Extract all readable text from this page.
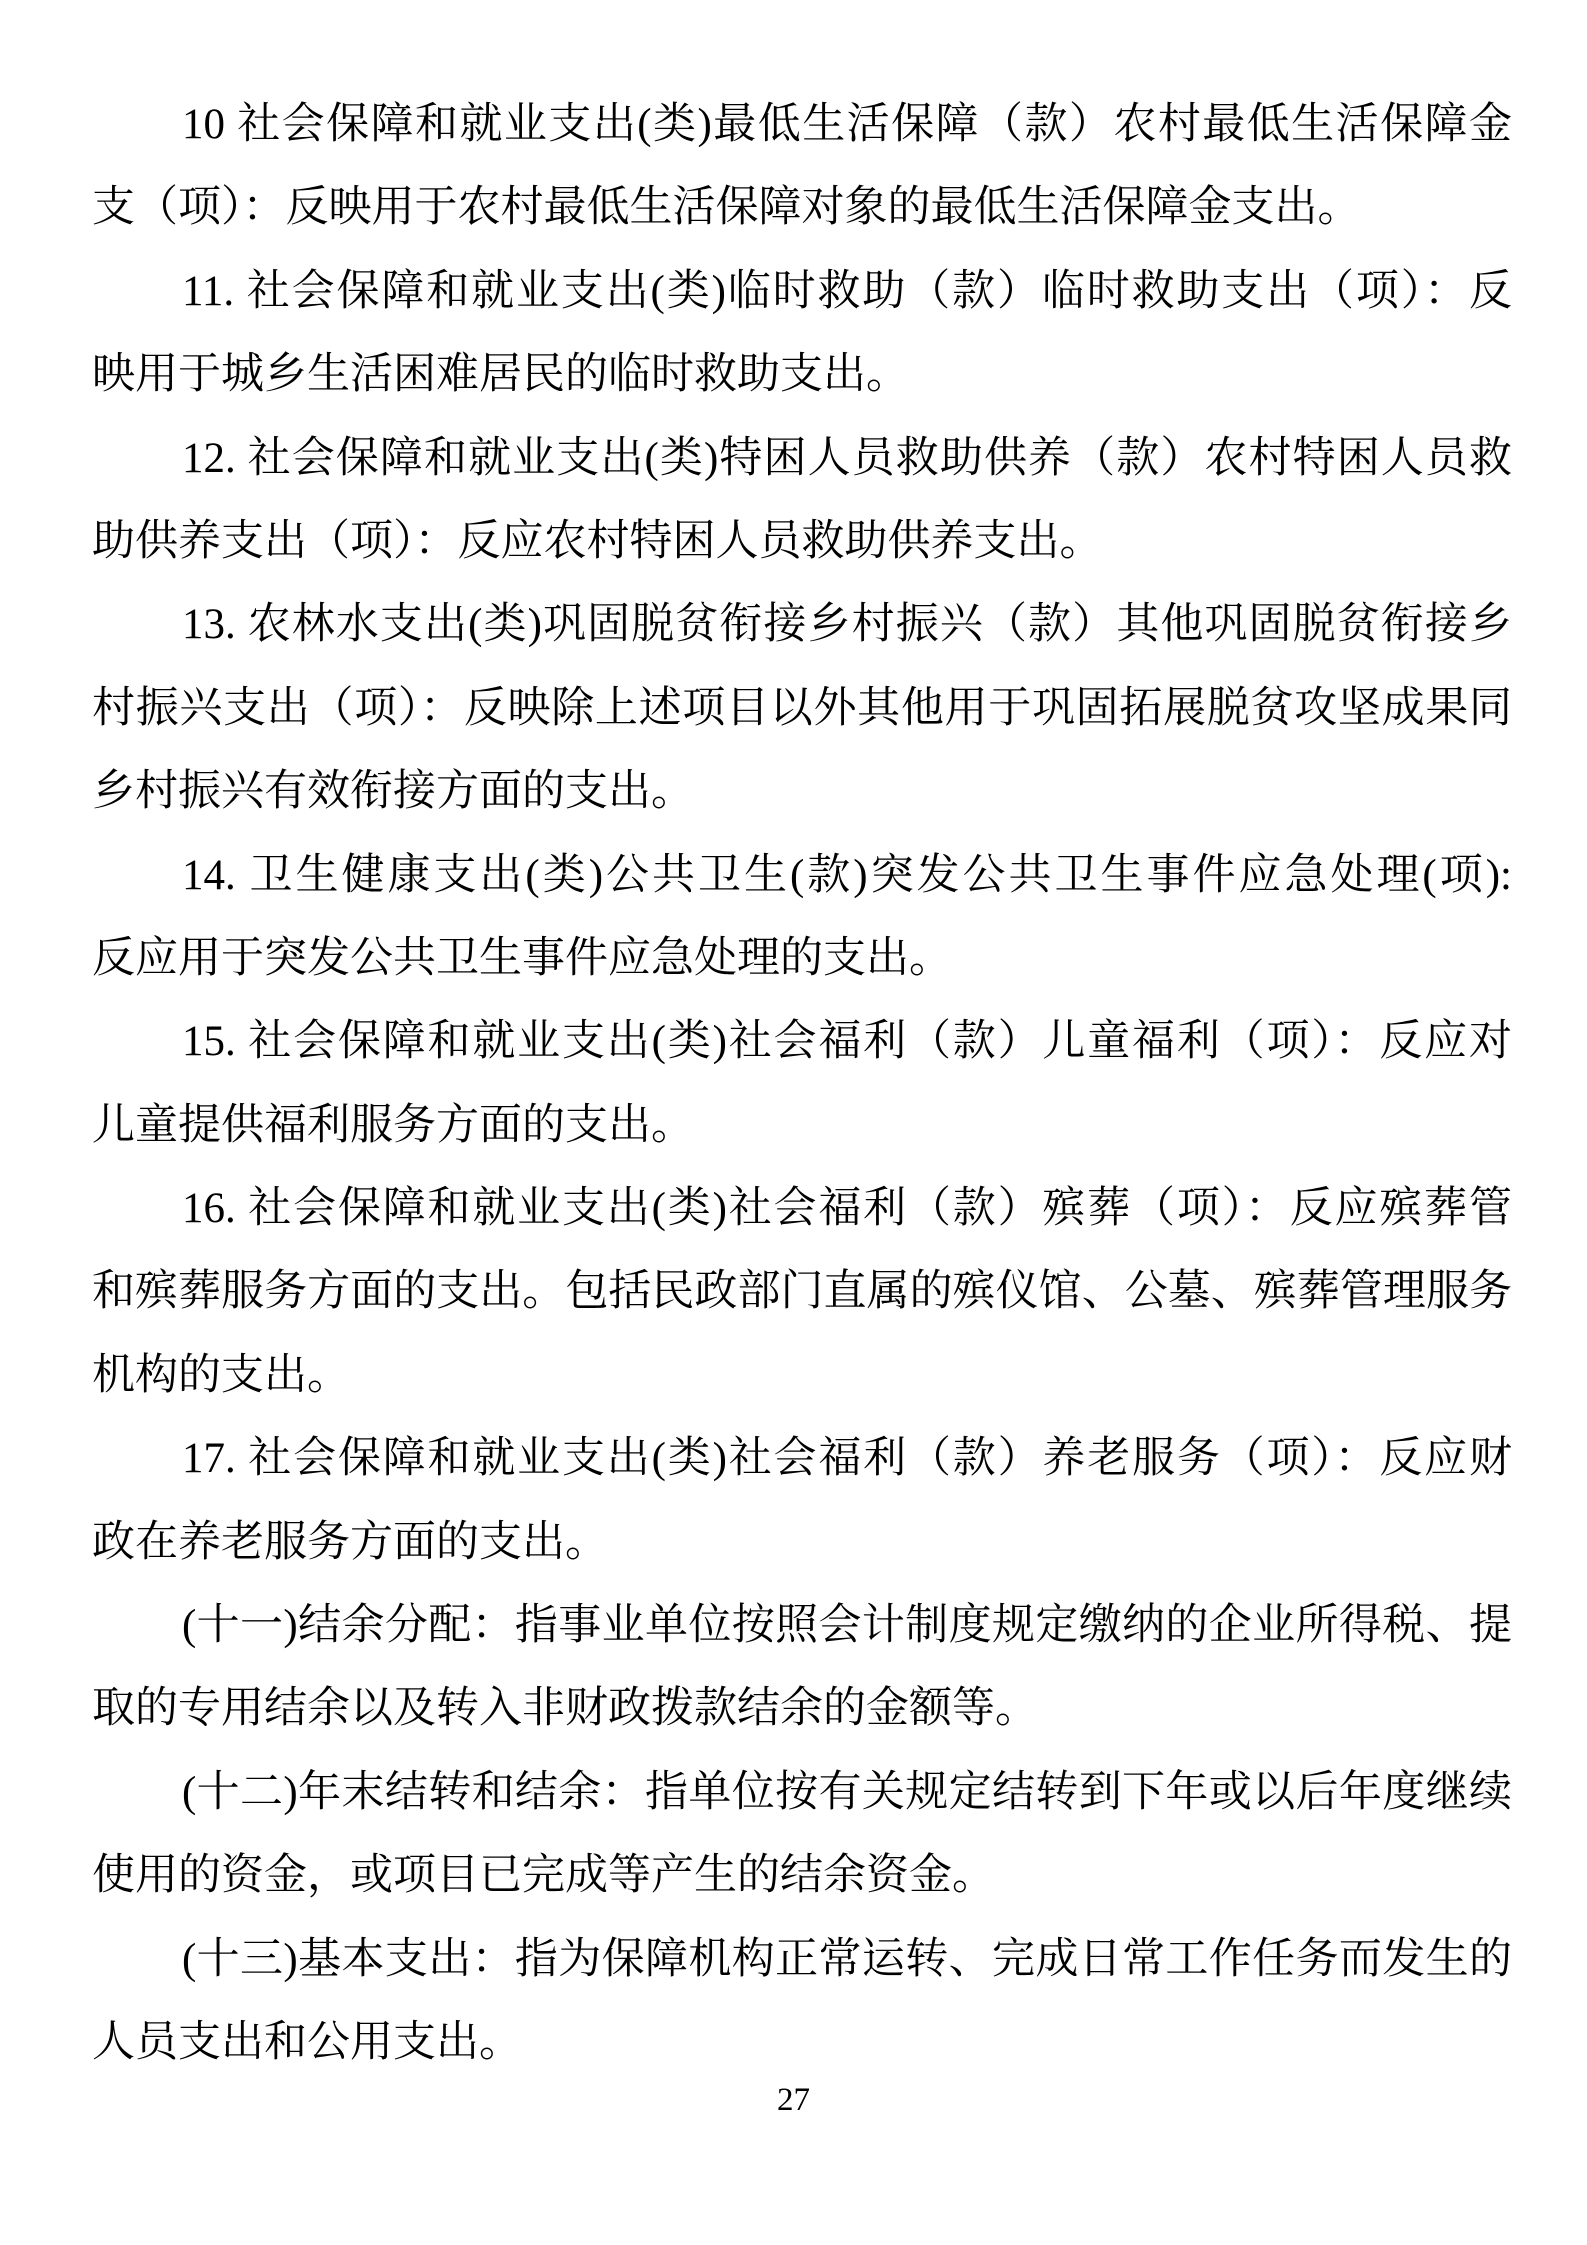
10 社会保障和就业支出(类)最低生活保障（款）农村最低生活保障金
支（项）：反映用于农村最低生活保障对象的最低生活保障金支出。

11. 社会保障和就业支出(类)临时救助（款）临时救助支出（项）：反
映用于城乡生活困难居民的临时救助支出。

12. 社会保障和就业支出(类)特困人员救助供养（款）农村特困人员救
助供养支出（项）：反应农村特困人员救助供养支出。

13. 农林水支出(类)巩固脱贫衔接乡村振兴（款）其他巩固脱贫衔接乡
村振兴支出（项）：反映除上述项目以外其他用于巩固拓展脱贫攻坚成果同
乡村振兴有效衔接方面的支出。

14. 卫生健康支出(类)公共卫生(款)突发公共卫生事件应急处理(项):
反应用于突发公共卫生事件应急处理的支出。

15. 社会保障和就业支出(类)社会福利（款）儿童福利（项）：反应对
儿童提供福利服务方面的支出。

16. 社会保障和就业支出(类)社会福利（款）殡葬（项）：反应殡葬管
和殡葬服务方面的支出。包括民政部门直属的殡仪馆、公墓、殡葬管理服务
机构的支出。

17. 社会保障和就业支出(类)社会福利（款）养老服务（项）：反应财
政在养老服务方面的支出。

(十一)结余分配：指事业单位按照会计制度规定缴纳的企业所得税、提
取的专用结余以及转入非财政拨款结余的金额等。

(十二)年末结转和结余：指单位按有关规定结转到下年或以后年度继续
使用的资金，或项目已完成等产生的结余资金。

(十三)基本支出：指为保障机构正常运转、完成日常工作任务而发生的
人员支出和公用支出。

27
